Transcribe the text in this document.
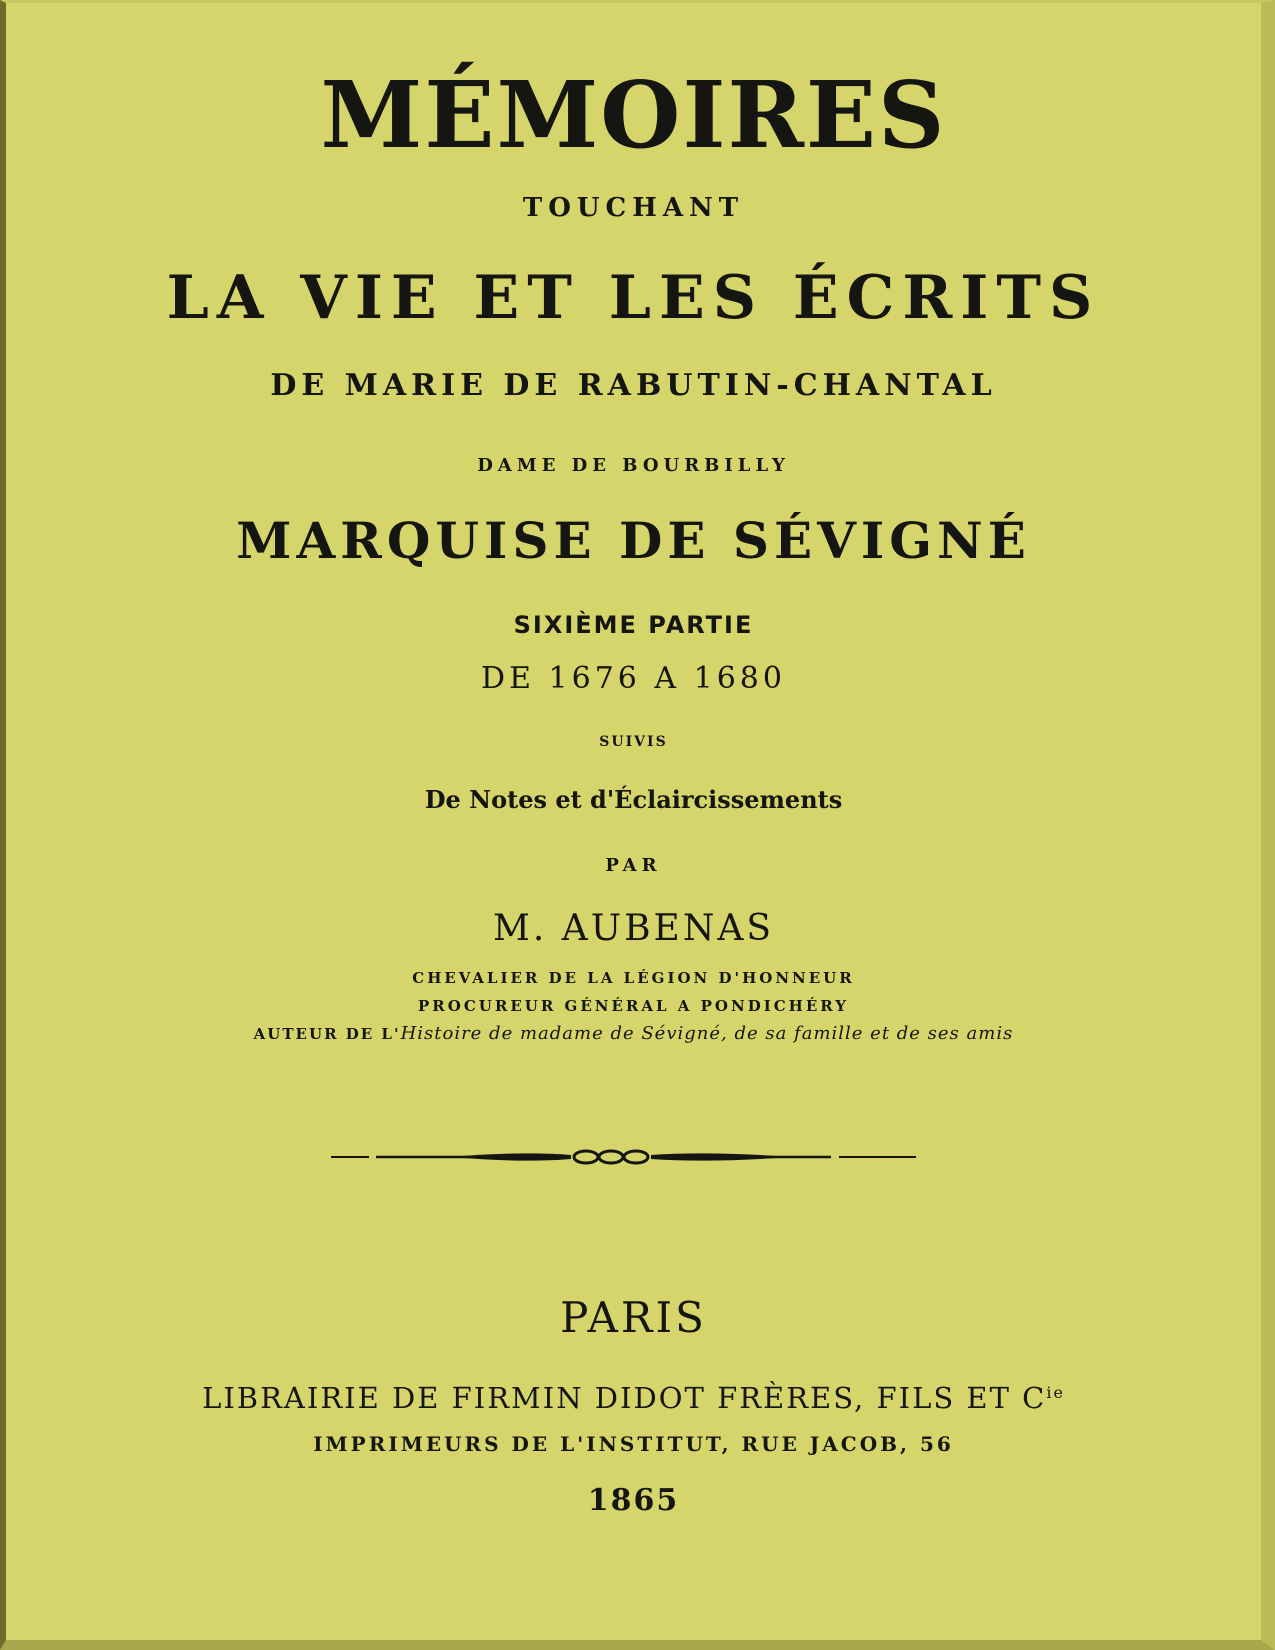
MÉMOIRES

TOUCHANT

LA VIE ET LES ÉCRITS

DE MARIE DE RABUTIN-CHANTAL

DAME DE BOURBILLY

MARQUISE DE SÉVIGNÉ

SIXIÈME PARTIE

DE 1676 A 1680

SUIVIS

De Notes et d'Éclaircissements

PAR

M. AUBENAS

CHEVALIER DE LA LÉGION D'HONNEUR

PROCUREUR GÉNÉRAL A PONDICHÉRY

AUTEUR DE L'Histoire de madame de Sévigné, de sa famille et de ses amis

PARIS

LIBRAIRIE DE FIRMIN DIDOT FRÈRES, FILS ET $C^{ie}$

IMPRIMEURS DE L'INSTITUT, RUE JACOB, 56

1865
